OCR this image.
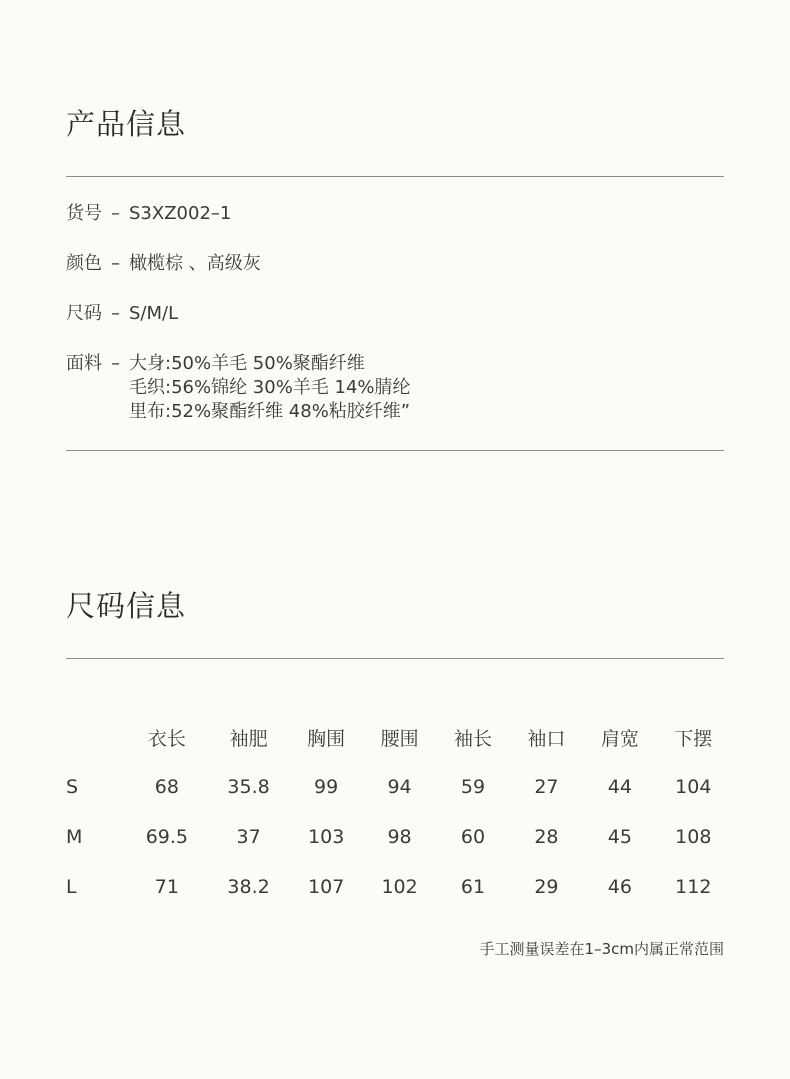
产品信息
货号 – S3XZ002–1
颜色 – 橄榄棕 、高级灰
尺码 – S/M/L
面料 – 大身:50%羊毛 50%聚酯纤维
毛织:56%锦纶 30%羊毛 14%腈纶
里布:52%聚酯纤维 48%粘胶纤维”
尺码信息
	衣长	袖肥	胸围	腰围	袖长	袖口	肩宽	下摆
S	68	35.8	99	94	59	27	44	104
M	69.5	37	103	98	60	28	45	108
L	71	38.2	107	102	61	29	46	112
手工测量误差在1–3cm内属正常范围
